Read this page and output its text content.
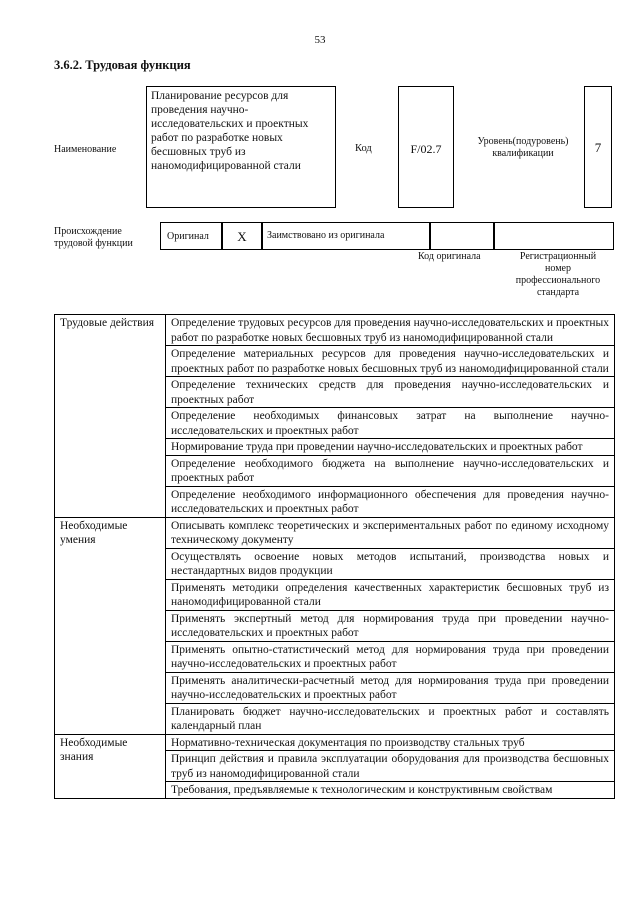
53
3.6.2. Трудовая функция
Наименование
Планирование ресурсов для проведения научно-исследовательских и проектных работ по разработке новых бесшовных труб из наномодифицированной стали
Код	F/02.7
Уровень(подуровень) квалификации	7
Происхождение трудовой функции
Оригинал	X	Заимствовано из оригинала
Код оригинала	Регистрационный номер профессионального стандарта
Трудовые действия	Определение трудовых ресурсов для проведения научно-исследовательских и проектных работ по разработке новых бесшовных труб из наномодифицированной стали
	Определение материальных ресурсов для проведения научно-исследовательских и проектных работ по разработке новых бесшовных труб из наномодифицированной стали
	Определение технических средств для проведения научно-исследовательских и проектных работ
	Определение необходимых финансовых затрат на выполнение научно-исследовательских и проектных работ
	Нормирование труда при проведении научно-исследовательских и проектных работ
	Определение необходимого бюджета на выполнение научно-исследовательских и проектных работ
	Определение необходимого информационного обеспечения для проведения научно-исследовательских и проектных работ
Необходимые умения	Описывать комплекс теоретических и экспериментальных работ по единому исходному техническому документу
	Осуществлять освоение новых методов испытаний, производства новых и нестандартных видов продукции
	Применять методики определения качественных характеристик бесшовных труб из наномодифицированной стали
	Применять экспертный метод для нормирования труда при проведении научно-исследовательских и проектных работ
	Применять опытно-статистический метод для нормирования труда при проведении научно-исследовательских и проектных работ
	Применять аналитически-расчетный метод для нормирования труда при проведении научно-исследовательских и проектных работ
	Планировать бюджет научно-исследовательских и проектных работ и составлять календарный план
Необходимые знания	Нормативно-техническая документация по производству стальных труб
	Принцип действия и правила эксплуатации оборудования для производства бесшовных труб из наномодифицированной стали
	Требования, предъявляемые к технологическим и конструктивным свойствам
